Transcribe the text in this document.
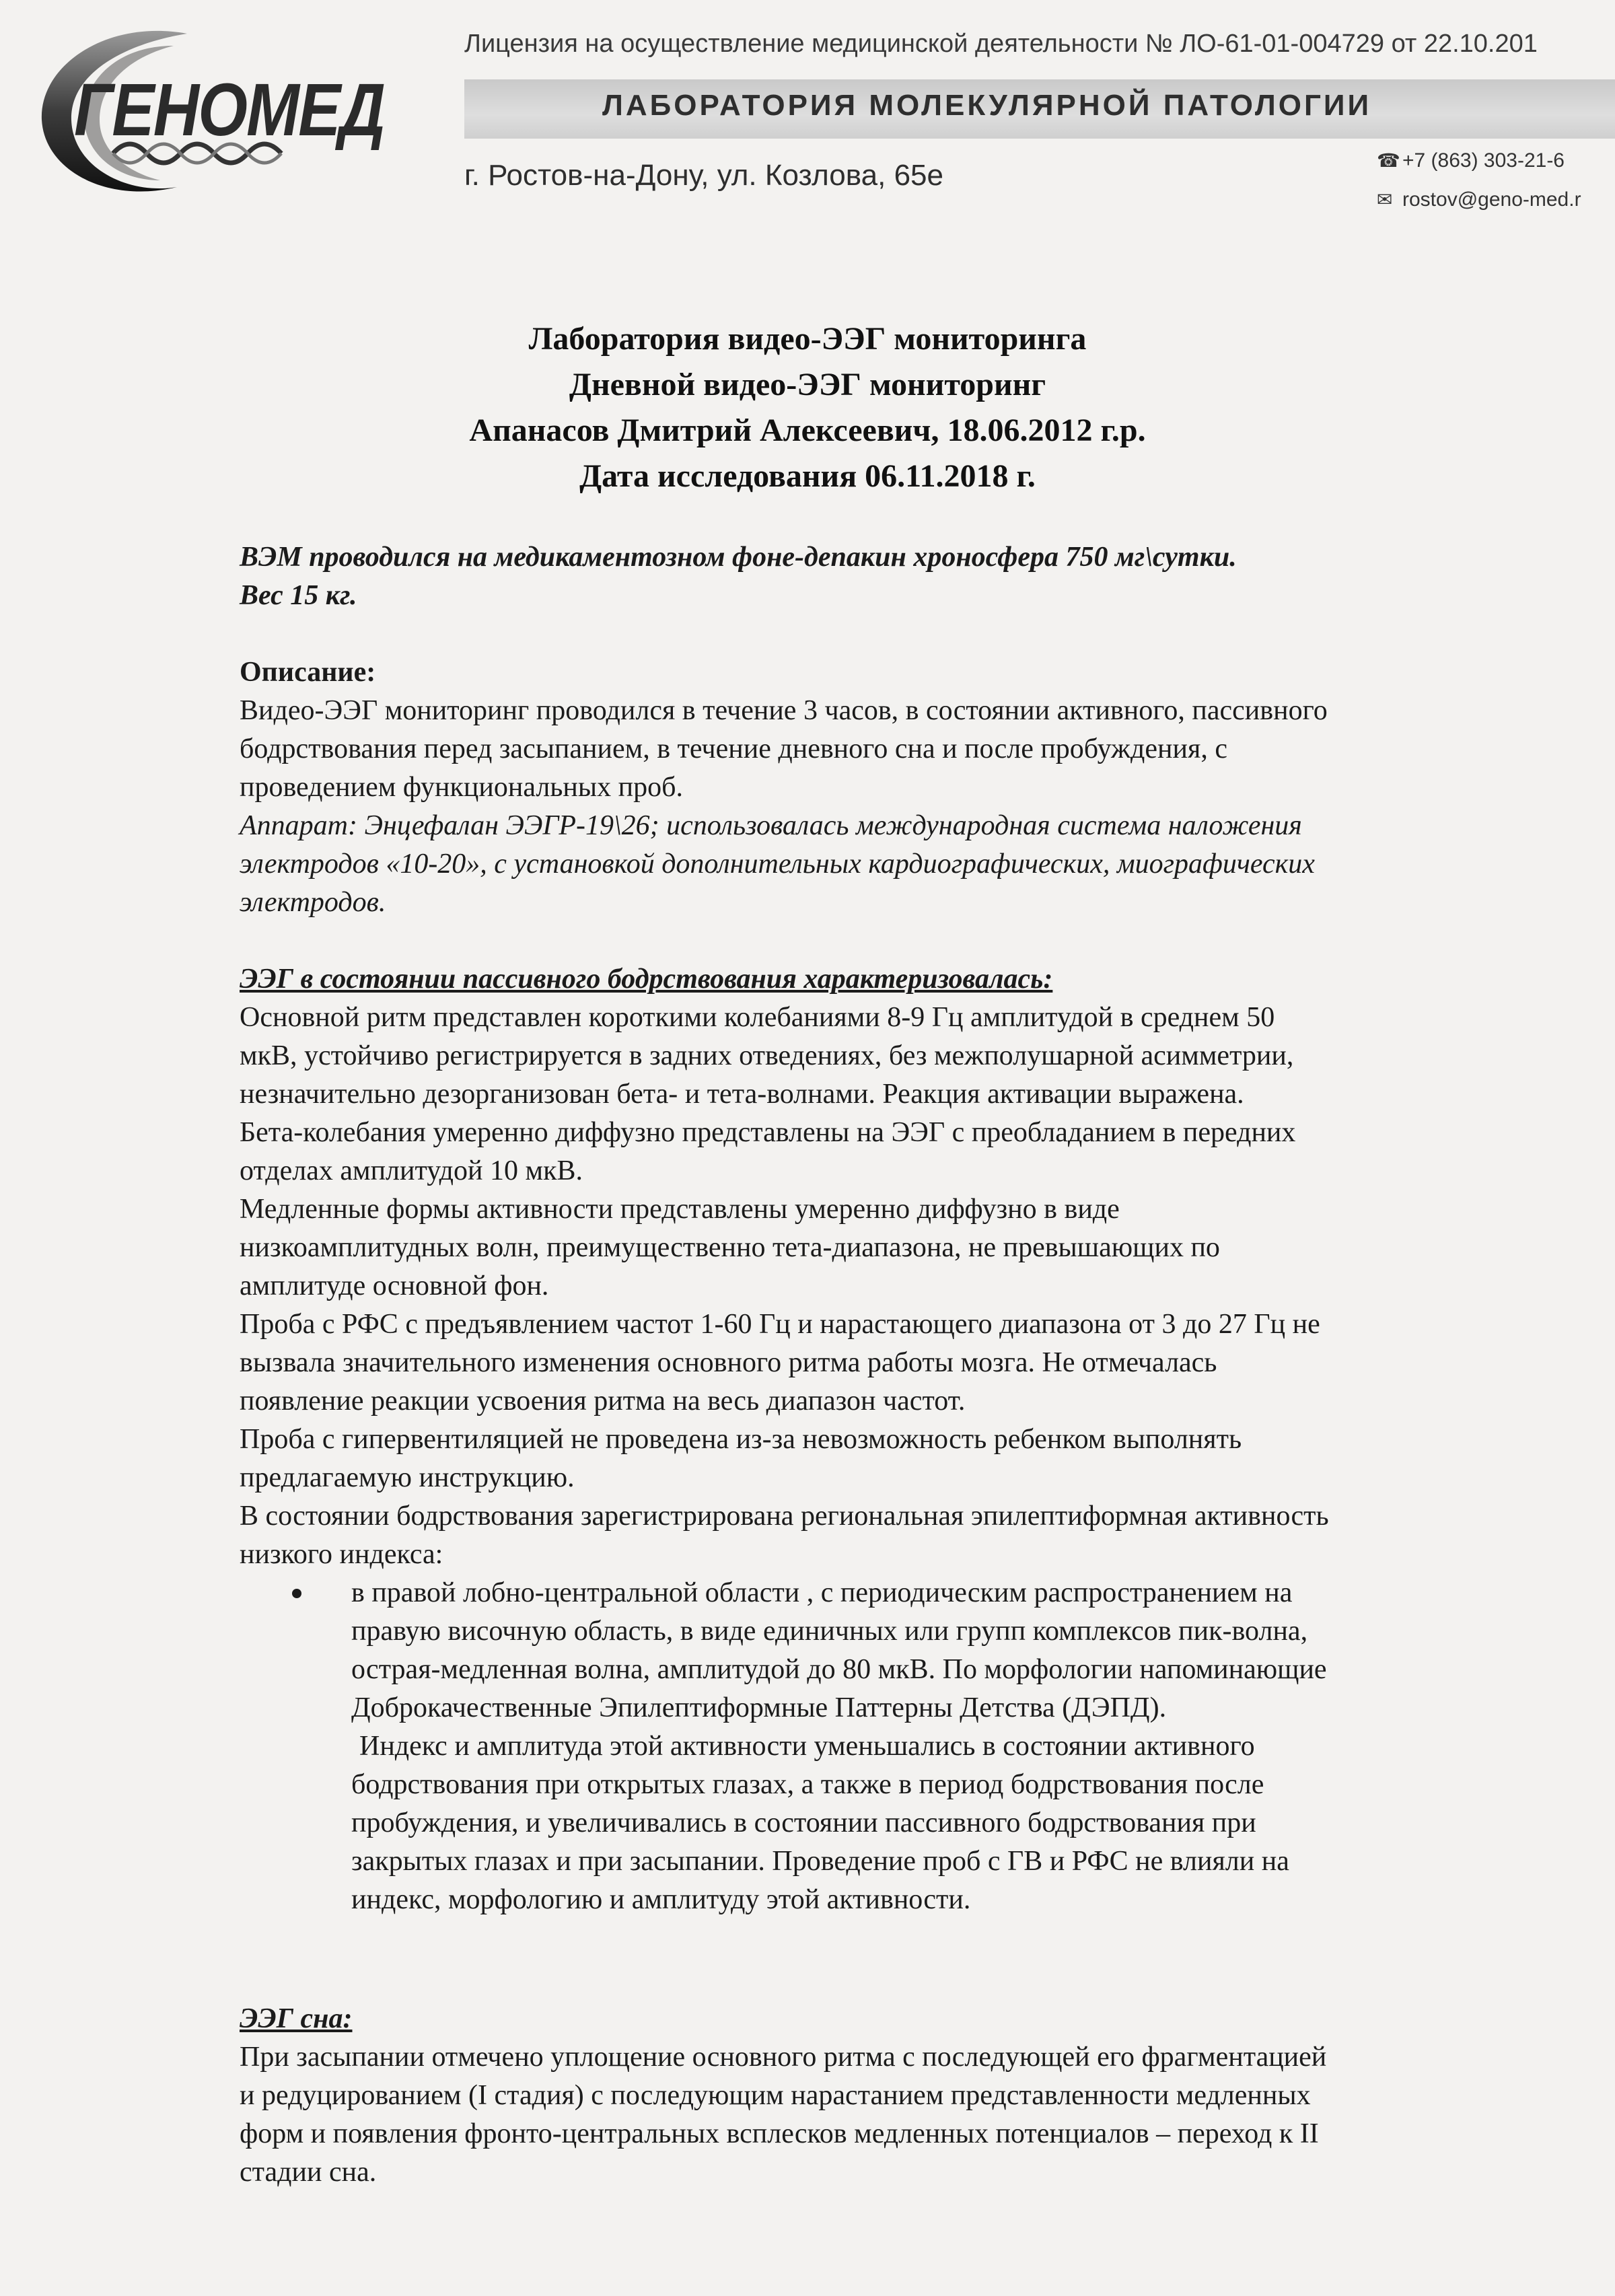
ГЕНОМЕД
Лицензия на осуществление медицинской деятельности № ЛО-61-01-004729 от 22.10.201
ЛАБОРАТОРИЯ МОЛЕКУЛЯРНОЙ ПАТОЛОГИИ
г. Ростов-на-Дону, ул. Козлова, 65е	☎ +7 (863) 303-21-6
✉ rostov@geno-med.r
Лаборатория видео-ЭЭГ мониторинга
Дневной видео-ЭЭГ мониторинг
Апанасов Дмитрий Алексеевич, 18.06.2012 г.р.
Дата исследования 06.11.2018 г.

ВЭМ проводился на медикаментозном фоне-депакин хроносфера 750 мг\сутки.

Вес 15 кг.

Описание:

Видео-ЭЭГ мониторинг проводился в течение 3 часов, в состоянии активного, пассивного

бодрствования перед засыпанием, в течение дневного сна и после пробуждения, с

проведением функциональных проб.

Аппарат: Энцефалан ЭЭГР-19\26; использовалась международная система наложения

электродов «10-20», с установкой дополнительных кардиографических, миографических

электродов.

ЭЭГ в состоянии пассивного бодрствования характеризовалась:

Основной ритм представлен короткими колебаниями 8-9 Гц амплитудой в среднем 50

мкВ, устойчиво регистрируется в задних отведениях, без межполушарной асимметрии,

незначительно дезорганизован бета- и тета-волнами. Реакция активации выражена.

Бета-колебания умеренно диффузно представлены на ЭЭГ с преобладанием в передних

отделах амплитудой 10 мкВ.

Медленные формы активности представлены умеренно диффузно в виде

низкоамплитудных волн, преимущественно тета-диапазона, не превышающих по

амплитуде основной фон.

Проба с РФС с предъявлением частот 1-60 Гц и нарастающего диапазона от 3 до 27 Гц не

вызвала значительного изменения основного ритма работы мозга. Не отмечалась

появление реакции усвоения ритма на весь диапазон частот.

Проба с гипервентиляцией не проведена из-за невозможность ребенком выполнять

предлагаемую инструкцию.

В состоянии бодрствования зарегистрирована региональная эпилептиформная активность

низкого индекса:

в правой лобно-центральной области , с периодическим распространением на

правую височную область, в виде единичных или групп комплексов пик-волна,

острая-медленная волна, амплитудой до 80 мкВ. По морфологии напоминающие

Доброкачественные Эпилептиформные Паттерны Детства (ДЭПД).

Индекс и амплитуда этой активности уменьшались в состоянии активного

бодрствования при открытых глазах, а также в период бодрствования после

пробуждения, и увеличивались в состоянии пассивного бодрствования при

закрытых глазах и при засыпании. Проведение проб с ГВ и РФС не влияли на

индекс, морфологию и амплитуду этой активности.

ЭЭГ сна:

При засыпании отмечено уплощение основного ритма с последующей его фрагментацией

и редуцированием (I стадия) с последующим нарастанием представленности медленных

форм и появления фронто-центральных всплесков медленных потенциалов – переход к II

стадии сна.
